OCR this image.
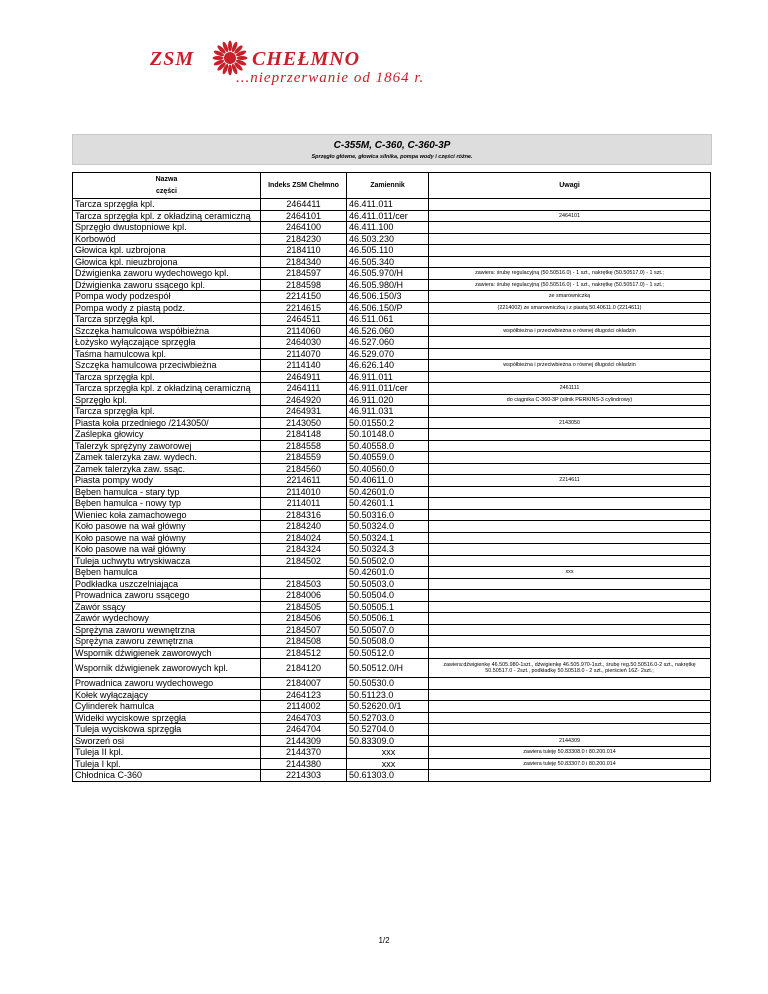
ZSM	CHEŁMNO
...nieprzerwanie od 1864 r.
C-355M, C-360, C-360-3P
Sprzęgło główne, głowica silnika, pompa wody i części różne.
Nazwa
części	Indeks ZSM Chełmno	Zamiennik	Uwagi
Tarcza sprzęgła kpl.	2464411	46.411.011	
Tarcza sprzęgła kpl. z okładziną ceramiczną	2464101	46.411.011/cer	2464101
Sprzęgło dwustopniowe kpl.	2464100	46.411.100	
Korbowód	2184230	46.503.230	
Głowica kpl. uzbrojona	2184110	46.505.110	
Głowica kpl. nieuzbrojona	2184340	46.505.340	
Dźwigienka zaworu wydechowego kpl.	2184597	46.505.970/H	zawiera: śrubę regulacyjną (50.50516.0) - 1 szt., nakrętkę (50.50517.0) - 1 szt.;
Dźwigienka zaworu ssącego kpl.	2184598	46.505.980/H	zawiera: śrubę regulacyjną (50.50516.0) - 1 szt., nakrętkę (50.50517.0) - 1 szt.;
Pompa wody podzespół	2214150	46.506.150/3	ze smarowniczką
Pompa wody z piastą podz.	2214615	46.506.150/P	(2214002) ze smarowniczką i z piastą 50.40611.0 (2214611)
Tarcza sprzęgła kpl.	2464511	46.511.061	
Szczęka hamulcowa współbieżna	2114060	46.526.060	współbieżna i przeciwbieżna o równej długości okładzin
Łożysko wyłączające sprzęgła	2464030	46.527.060	
Taśma hamulcowa kpl.	2114070	46.529.070	
Szczęka hamulcowa przeciwbieżna	2114140	46.626.140	współbieżna i przeciwbieżna o równej długości okładzin
Tarcza sprzęgła kpl.	2464911	46.911.011	
Tarcza sprzęgła kpl. z okładziną ceramiczną	2464111	46.911.011/cer	2461111
Sprzęgło kpl.	2464920	46.911.020	do ciągnika C-360-3P (silnik PERKINS-3 cylindrowy)
Tarcza sprzęgła kpl.	2464931	46.911.031	
Piasta koła przedniego /2143050/	2143050	50.01550.2	2143050
Zaślepka głowicy	2184148	50.10148.0	
Talerzyk sprężyny zaworowej	2184558	50.40558.0	
Zamek talerzyka zaw. wydech.	2184559	50.40559.0	
Zamek talerzyka zaw. ssąc.	2184560	50.40560.0	
Piasta pompy wody	2214611	50.40611.0	2214611
Bęben hamulca - stary typ	2114010	50.42601.0	
Bęben hamulca - nowy typ	2114011	50.42601.1	
Wieniec koła zamachowego	2184316	50.50316.0	
Koło pasowe na wał główny	2184240	50.50324.0	
Koło pasowe na wał główny	2184024	50.50324.1	
Koło pasowe na wał główny	2184324	50.50324.3	
Tuleja uchwytu wtryskiwacza	2184502	50.50502.0	
Bęben hamulca		50.42601.0	xxx
Podkładka uszczelniająca	2184503	50.50503.0	
Prowadnica zaworu ssącego	2184006	50.50504.0	
Zawór ssący	2184505	50.50505.1	
Zawór wydechowy	2184506	50.50506.1	
Sprężyna zaworu wewnętrzna	2184507	50.50507.0	
Sprężyna zaworu zewnętrzna	2184508	50.50508.0	
Wspornik dźwigienek zaworowych	2184512	50.50512.0	
Wspornik dźwigienek zaworowych kpl.	2184120	50.50512.0/H	zawiera:dźwigienkę 46.505.980-1szt., dźwigienkę 46.505.970-1szt., śrubę reg.50.50516.0-2 szt., nakrętkę 50.50517.0 - 2szt., podkładkę 50.50518.0 - 2 szt., pierścień 16Z- 2szt.;
Prowadnica zaworu wydechowego	2184007	50.50530.0	
Kołek wyłączający	2464123	50.51123.0	
Cylinderek hamulca	2114002	50.52620.0/1	
Widełki wyciskowe sprzęgła	2464703	50.52703.0	
Tuleja wyciskowa sprzęgła	2464704	50.52704.0	
Sworzeń osi	2144309	50.83309.0	2144309
Tuleja II kpl.	2144370	xxx	zawiera tuleję 50.83308.0 i 80.200.014
Tuleja I kpl.	2144380	xxx	zawiera tuleję 50.83307.0 i 80.200.014
Chłodnica C-360	2214303	50.61303.0	
1/2
